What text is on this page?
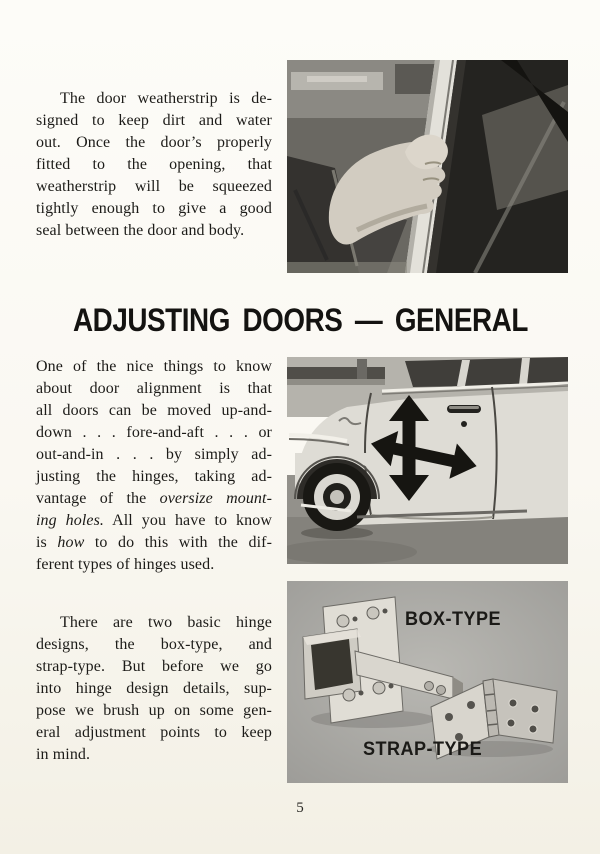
The door weatherstrip is de-
signed to keep dirt and water
out. Once the door’s properly
fitted to the opening, that
weatherstrip will be squeezed
tightly enough to give a good
seal between the door and body.
ADJUSTING DOORS — GENERAL
One of the nice things to know
about door alignment is that
all doors can be moved up-and-
down . . . fore-and-aft . . . or
out-and-in . . . by simply ad-
justing the hinges, taking ad-
vantage of the oversize mount-
ing holes. All you have to know
is how to do this with the dif-
ferent types of hinges used.
There are two basic hinge
designs, the box-type, and
strap-type. But before we go
into hinge design details, sup-
pose we brush up on some gen-
eral adjustment points to keep
in mind.
BOX-TYPE
STRAP-TYPE
5
